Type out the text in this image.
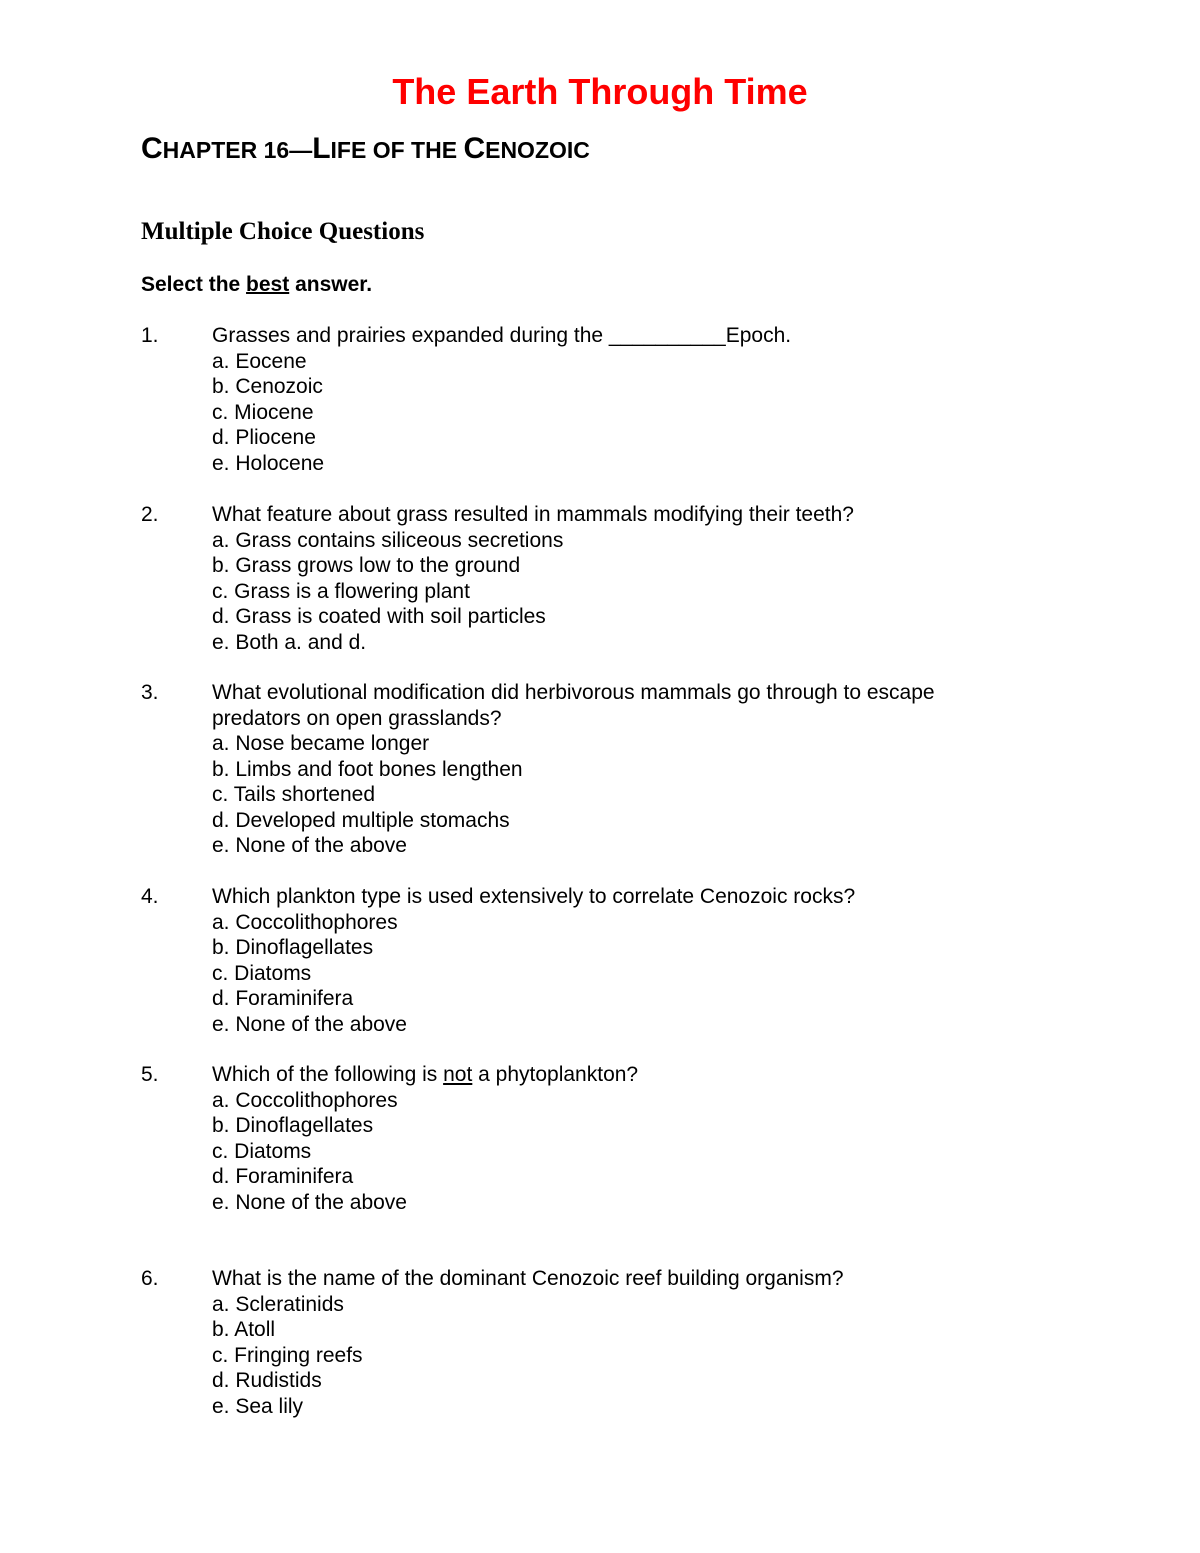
The Earth Through Time
CHAPTER 16—LIFE OF THE CENOZOIC
Multiple Choice Questions

Select the best answer.

1.	Grasses and prairies expanded during the __________Epoch.
a. Eocene
b. Cenozoic
c. Miocene
d. Pliocene
e. Holocene
2.	What feature about grass resulted in mammals modifying their teeth?
a. Grass contains siliceous secretions
b. Grass grows low to the ground
c. Grass is a flowering plant
d. Grass is coated with soil particles
e. Both a. and d.
3.	What evolutional modification did herbivorous mammals go through to escape
predators on open grasslands?
a. Nose became longer
b. Limbs and foot bones lengthen
c. Tails shortened
d. Developed multiple stomachs
e. None of the above
4.	Which plankton type is used extensively to correlate Cenozoic rocks?
a. Coccolithophores
b. Dinoflagellates
c. Diatoms
d. Foraminifera
e. None of the above
5.	Which of the following is not a phytoplankton?
a. Coccolithophores
b. Dinoflagellates
c. Diatoms
d. Foraminifera
e. None of the above
6.	What is the name of the dominant Cenozoic reef building organism?
a. Scleratinids
b. Atoll
c. Fringing reefs
d. Rudistids
e. Sea lily
